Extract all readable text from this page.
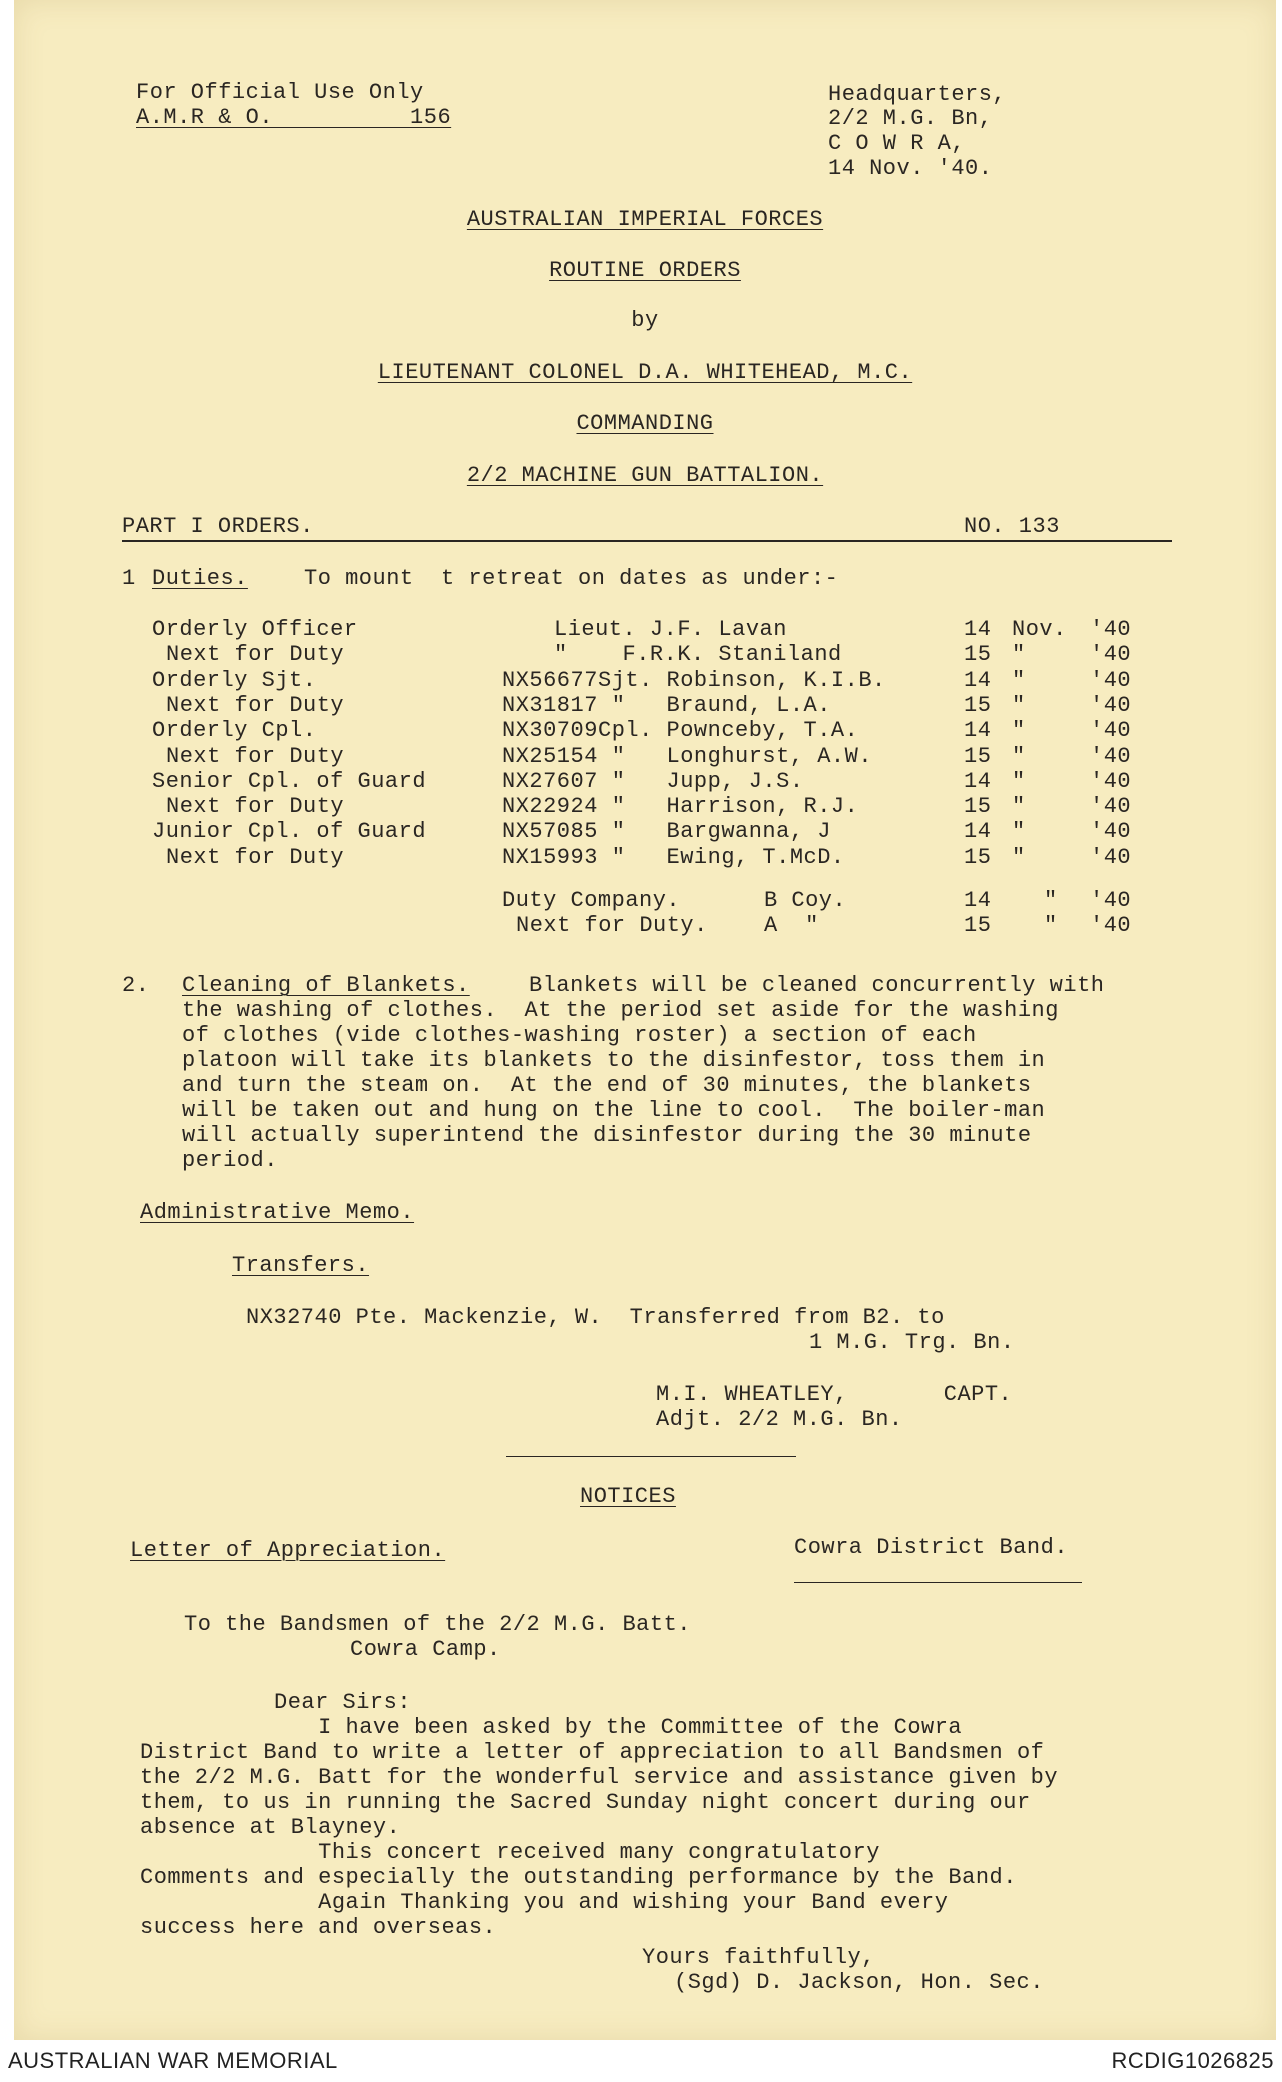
For Official Use Only
A.M.R & O.          156
Headquarters,
2/2 M.G. Bn,
C O W R A,
14 Nov. '40.
AUSTRALIAN IMPERIAL FORCES
ROUTINE ORDERS
by
LIEUTENANT COLONEL D.A. WHITEHEAD, M.C.
COMMANDING
2/2 MACHINE GUN BATTALION.
PART I ORDERS.	NO. 133
1 Duties.	To mount  t retreat on dates as under:-
Orderly Officer	Lieut. J.F. Lavan	14 Nov. '40
Next for Duty	"    F.R.K. Staniland	15 "	'40
Orderly Sjt.	NX56677 Sjt. Robinson, K.I.B.	14 "	'40
Next for Duty	NX31817 "   Braund, L.A.	15 "	'40
Orderly Cpl.	NX30709 Cpl. Pownceby, T.A.	14 "	'40
Next for Duty	NX25154 "   Longhurst, A.W.	15 "	'40
Senior Cpl. of Guard	NX27607 "   Jupp, J.S.	14 "	'40
Next for Duty	NX22924 "   Harrison, R.J.	15 "	'40
Junior Cpl. of Guard	NX57085 "   Bargwanna, J	14 "	'40
Next for Duty	NX15993 "   Ewing, T.McD.	15 "	'40
Duty Company.	B Coy.	14 " '40
Next for Duty.	A  "	15 " '40
2. Cleaning of Blankets.	Blankets will be cleaned concurrently with
the washing of clothes.  At the period set aside for the washing
of clothes (vide clothes-washing roster) a section of each
platoon will take its blankets to the disinfestor, toss them in
and turn the steam on.  At the end of 30 minutes, the blankets
will be taken out and hung on the line to cool.  The boiler-man
will actually superintend the disinfestor during the 30 minute
period.
Administrative Memo.
Transfers.
NX32740 Pte. Mackenzie, W.  Transferred from B2. to
1 M.G. Trg. Bn.
M.I. WHEATLEY,       CAPT.
Adjt. 2/2 M.G. Bn.
NOTICES
Letter of Appreciation.	Cowra District Band.
To the Bandsmen of the 2/2 M.G. Batt.
Cowra Camp.
Dear Sirs:
I have been asked by the Committee of the Cowra
District Band to write a letter of appreciation to all Bandsmen of
the 2/2 M.G. Batt for the wonderful service and assistance given by
them, to us in running the Sacred Sunday night concert during our
absence at Blayney.
This concert received many congratulatory
Comments and especially the outstanding performance by the Band.
Again Thanking you and wishing your Band every
success here and overseas.
Yours faithfully,
(Sgd) D. Jackson, Hon. Sec.
AUSTRALIAN WAR MEMORIAL	RCDIG1026825
